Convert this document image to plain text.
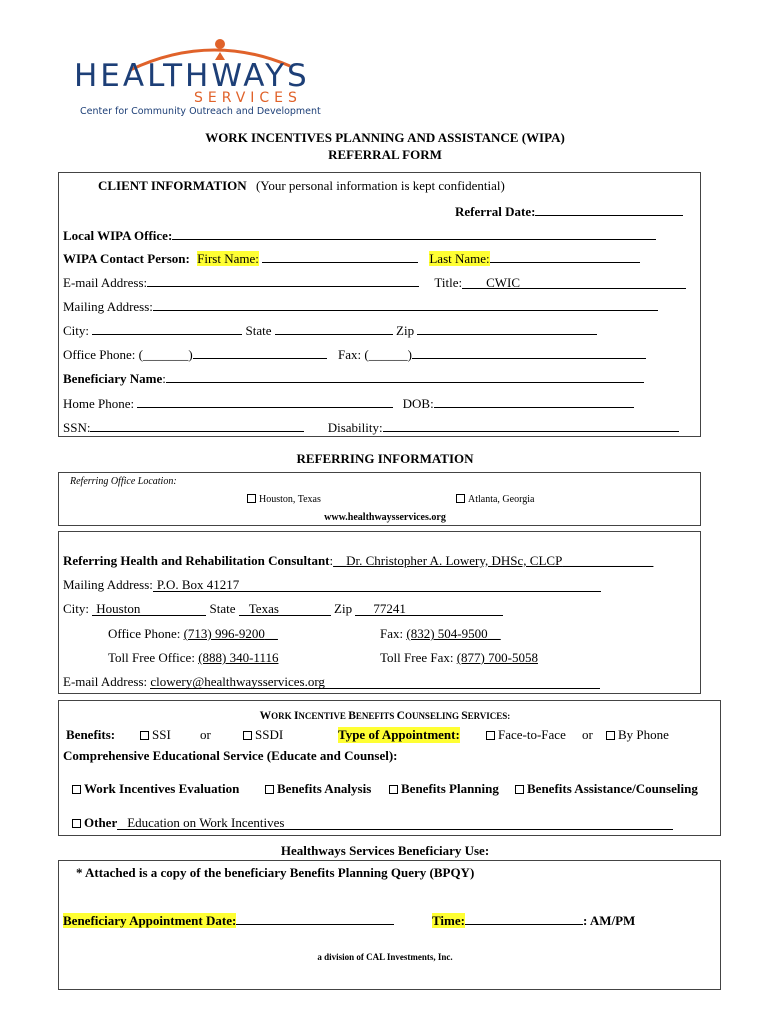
HEALTHWAYS
SERVICES
Center for Community Outreach and Development
WORK INCENTIVES PLANNING AND ASSISTANCE (WIPA)
REFERRAL FORM
CLIENT INFORMATION (Your personal information is kept confidential)
Referral Date:
Local WIPA Office:
WIPA Contact Person: First Name:	Last Name:
E-mail Address:	Title: CWIC
Mailing Address:
City:	State	Zip
Office Phone: (_______)	Fax: (______)
Beneficiary Name:
Home Phone:	DOB:
SSN:	Disability:
REFERRING INFORMATION
Referring Office Location:
Houston, Texas	Atlanta, Georgia
www.healthwaysservices.org
Referring Health and Rehabilitation Consultant:__Dr. Christopher A. Lowery, DHSc, CLCP______________
Mailing Address: P.O. Box 41217
City: Houston	State Texas	Zip 77241
Office Phone: (713) 996-9200__	Fax: (832) 504-9500__
Toll Free Office: (888) 340-1116	Toll Free Fax: (877) 700-5058
E-mail Address: clowery@healthwaysservices.org
WORK INCENTIVE BENEFITS COUNSELING SERVICES:
Benefits:	SSI or	SSDI	Type of Appointment:	Face-to-Face or	By Phone
Comprehensive Educational Service (Educate and Counsel):
Work Incentives Evaluation	Benefits Analysis	Benefits Planning	Benefits Assistance/Counseling
Other Education on Work Incentives
Healthways Services Beneficiary Use:
* Attached is a copy of the beneficiary Benefits Planning Query (BPQY)
Beneficiary Appointment Date:	Time:	: AM/PM
a division of CAL Investments, Inc.
